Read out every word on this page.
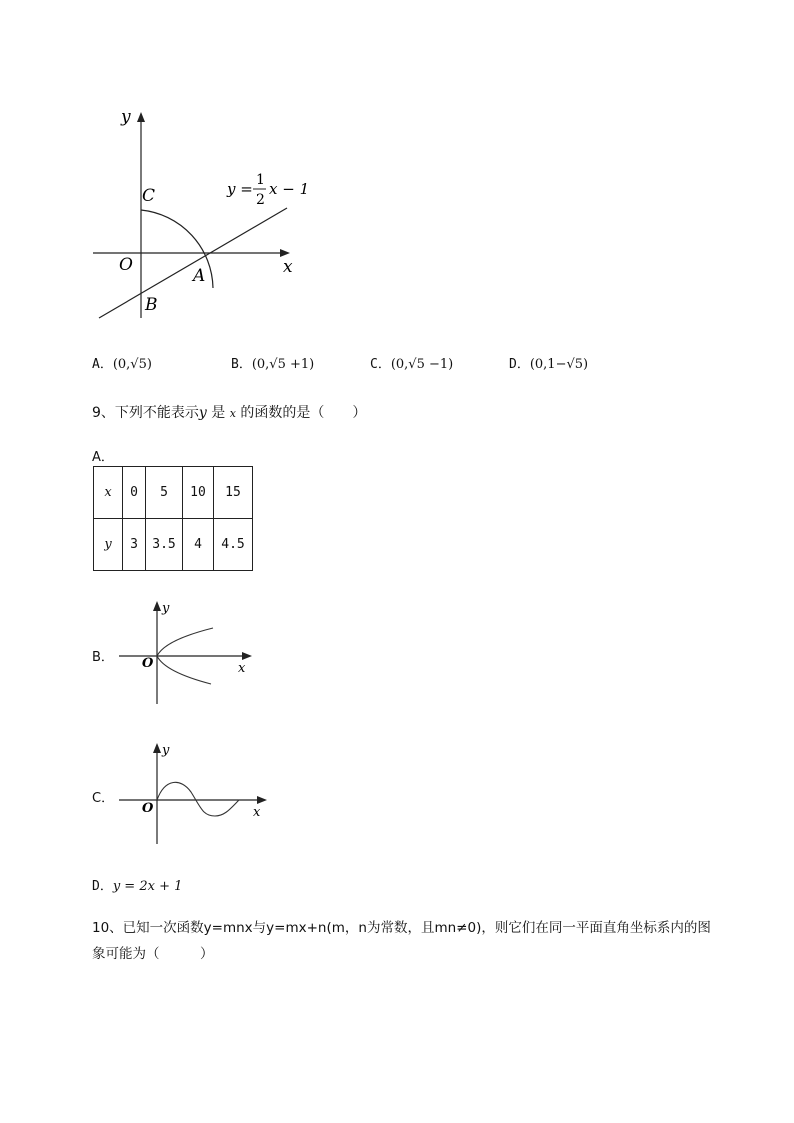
y
x
O
A
B
C	y = 1
2
x − 1
A．(0,√5)	B．(0,√5 +1)	C．(0,√5 −1)	D．(0,1−√5)
9、下列不能表示y 是 x 的函数的是（　　）
A．
x	0	5	10	15
y	3	3.5	4	4.5
B．
y
x
O
C．
y
x
O
D．y = 2x + 1
10、已知一次函数y=mnx与y=mx+n(m，n为常数，且mn≠0)，则它们在同一平面直角坐标系内的图
象可能为（　　　）
